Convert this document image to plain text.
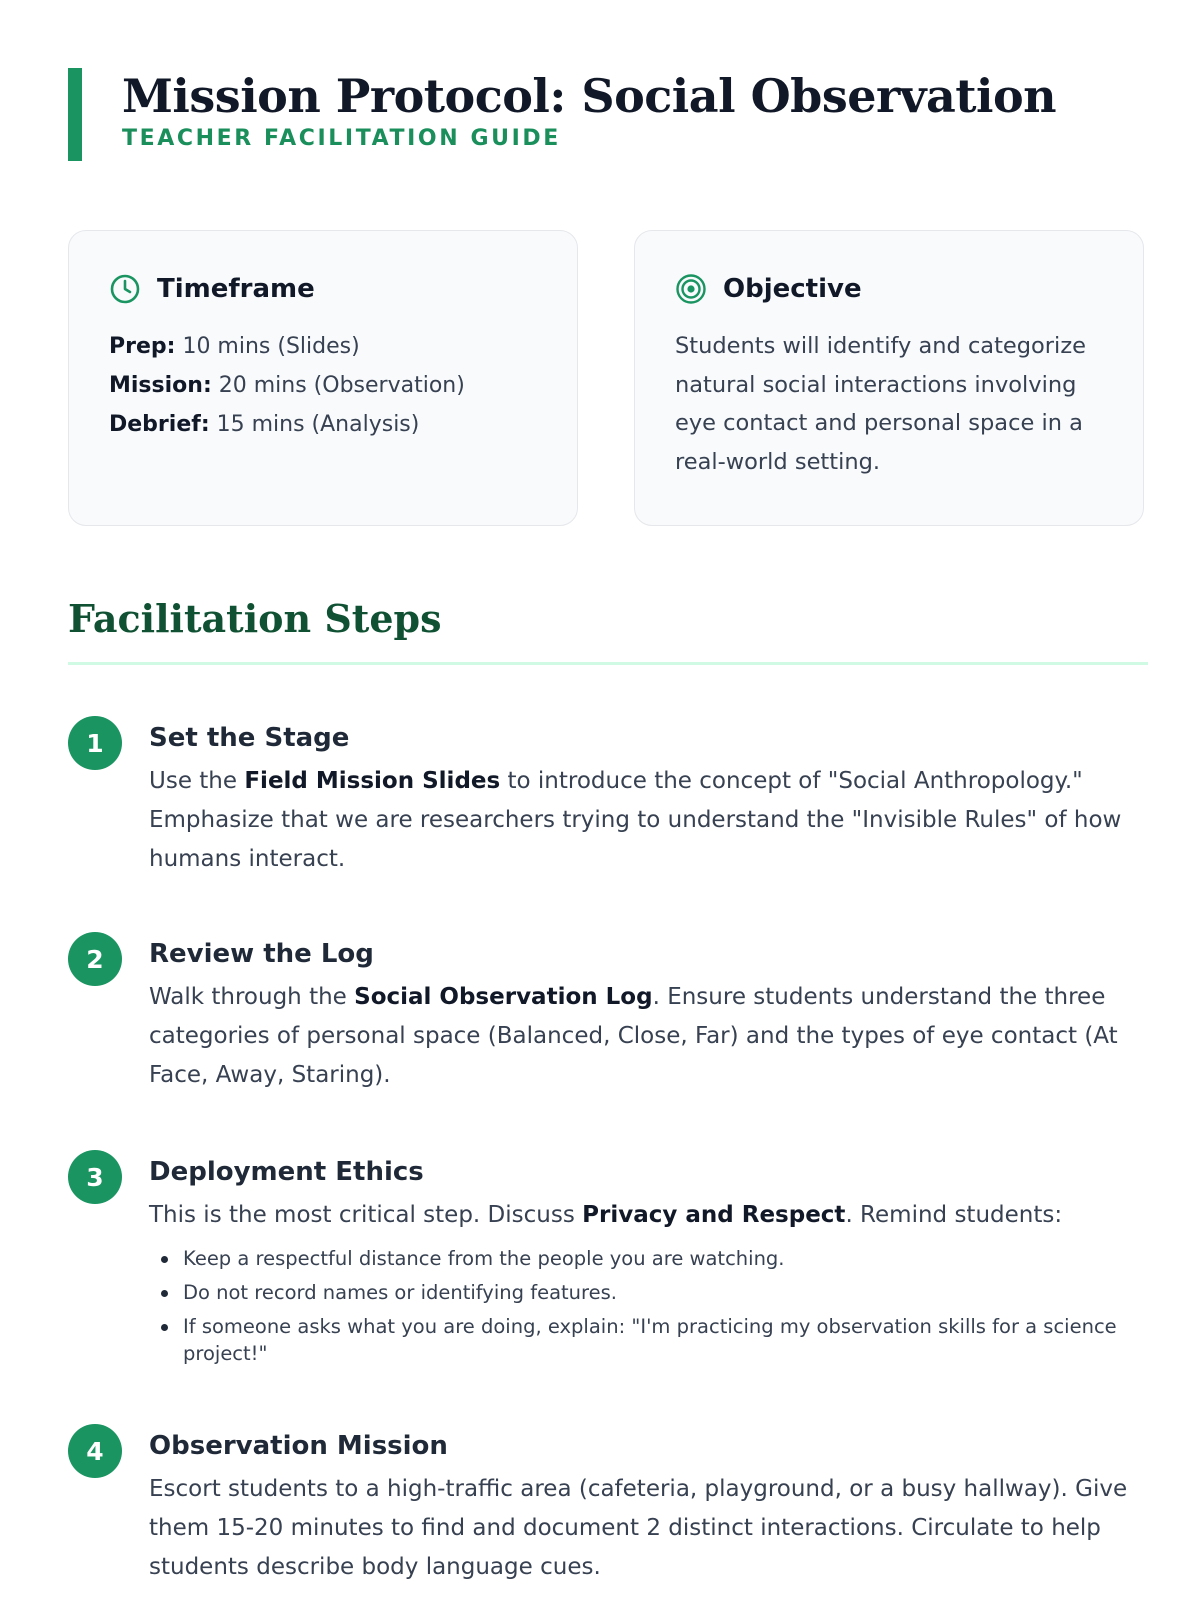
Mission Protocol: Social Observation
TEACHER FACILITATION GUIDE
Timeframe
Prep: 10 mins (Slides)
Mission: 20 mins (Observation)
Debrief: 15 mins (Analysis)
Objective
Students will identify and categorize natural social interactions involving eye contact and personal space in a real-world setting.
Facilitation Steps
1	Set the Stage
Use the Field Mission Slides to introduce the concept of "Social Anthropology." Emphasize that we are researchers trying to understand the "Invisible Rules" of how humans interact.
2	Review the Log
Walk through the Social Observation Log. Ensure students understand the three categories of personal space (Balanced, Close, Far) and the types of eye contact (At Face, Away, Staring).
3	Deployment Ethics
This is the most critical step. Discuss Privacy and Respect. Remind students:
Keep a respectful distance from the people you are watching.
Do not record names or identifying features.
If someone asks what you are doing, explain: "I'm practicing my observation skills for a science project!"
4	Observation Mission
Escort students to a high-traffic area (cafeteria, playground, or a busy hallway). Give them 15-20 minutes to find and document 2 distinct interactions. Circulate to help students describe body language cues.
